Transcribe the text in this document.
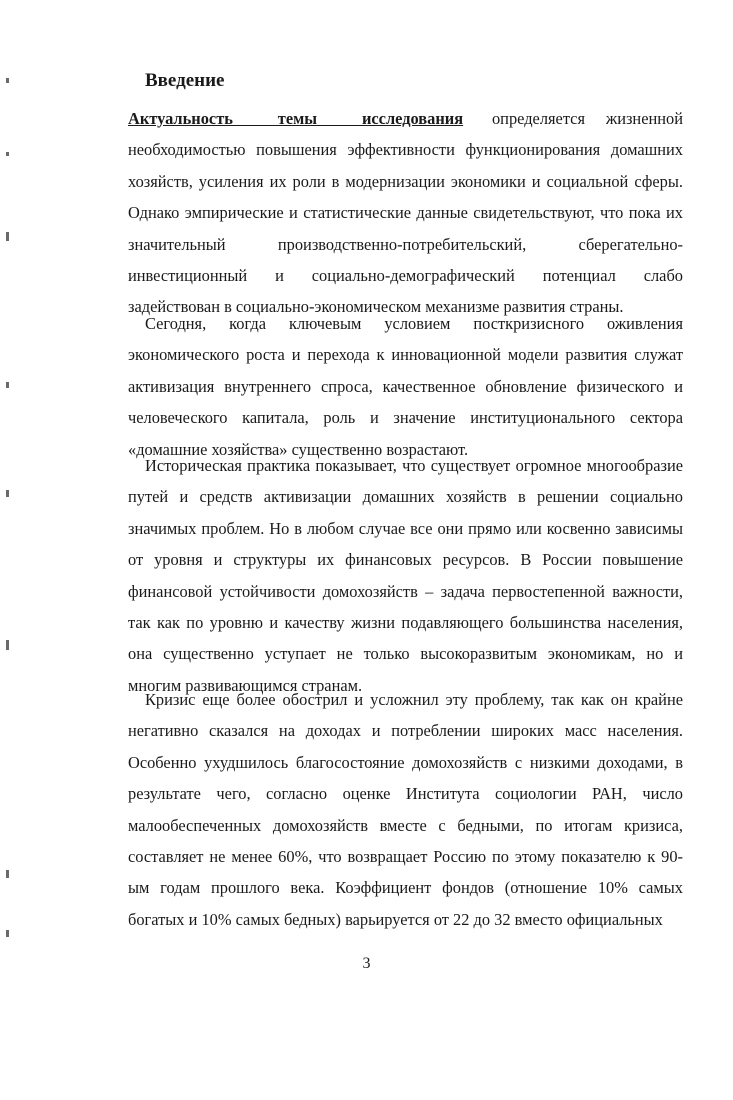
Введение

Актуальность темы исследования определяется жизненной необходимостью повышения эффективности функционирования домашних хозяйств, усиления их роли в модернизации экономики и социальной сферы. Однако эмпирические и статистические данные свидетельствуют, что пока их значительный производственно-потребительский, сберегательно-инвестиционный и социально-демографический потенциал слабо задействован в социально-экономическом механизме развития страны.

Сегодня, когда ключевым условием посткризисного оживления экономического роста и перехода к инновационной модели развития служат активизация внутреннего спроса, качественное обновление физического и человеческого капитала, роль и значение институционального сектора «домашние хозяйства» существенно возрастают.

Историческая практика показывает, что существует огромное многообразие путей и средств активизации домашних хозяйств в решении социально значимых проблем. Но в любом случае все они прямо или косвенно зависимы от уровня и структуры их финансовых ресурсов. В России повышение финансовой устойчивости домохозяйств – задача первостепенной важности, так как по уровню и качеству жизни подавляющего большинства населения, она существенно уступает не только высокоразвитым экономикам, но и многим развивающимся странам.

Кризис еще более обострил и усложнил эту проблему, так как он крайне негативно сказался на доходах и потреблении широких масс населения. Особенно ухудшилось благосостояние домохозяйств с низкими доходами, в результате чего, согласно оценке Института социологии РАН, число малообеспеченных домохозяйств вместе с бедными, по итогам кризиса, составляет не менее 60%, что возвращает Россию по этому показателю к 90-ым годам прошлого века. Коэффициент фондов (отношение 10% самых богатых и 10% самых бедных) варьируется от 22 до 32 вместо официальных

3
